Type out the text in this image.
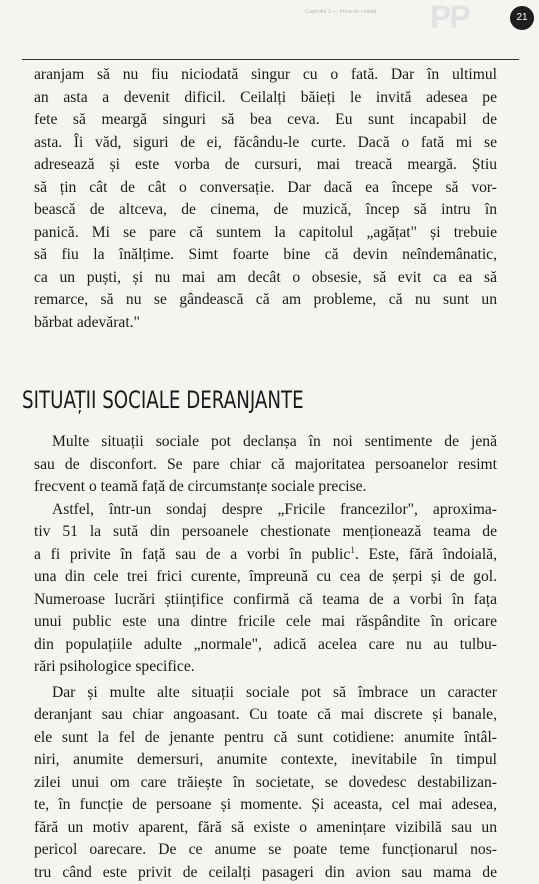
Capitolul 1 — Frica de ceilalți	PP	21

aranjam să nu fiu niciodată singur cu o fată. Dar în ultimul

an asta a devenit dificil. Ceilalți băieți le invită adesea pe

fete să meargă singuri să bea ceva. Eu sunt incapabil de

asta. Îi văd, siguri de ei, făcându-le curte. Dacă o fată mi se

adresează și este vorba de cursuri, mai treacă meargă. Știu

să țin cât de cât o conversație. Dar dacă ea începe să vor-

bească de altceva, de cinema, de muzică, încep să intru în

panică. Mi se pare că suntem la capitolul „agățat" și trebuie

să fiu la înălțime. Simt foarte bine că devin neîndemânatic,

ca un puști, și nu mai am decât o obsesie, să evit ca ea să

remarce, să nu se gândească că am probleme, că nu sunt un

bărbat adevărat."

SITUAȚII SOCIALE DERANJANTE

Multe situații sociale pot declanșa în noi sentimente de jenă

sau de disconfort. Se pare chiar că majoritatea persoanelor resimt

frecvent o teamă față de circumstanțe sociale precise.

Astfel, într-un sondaj despre „Fricile francezilor", aproxima-

tiv 51 la sută din persoanele chestionate menționează teama de

a fi privite în față sau de a vorbi în public$^1$. Este, fără îndoială,

una din cele trei frici curente, împreună cu cea de șerpi și de gol.

Numeroase lucrări științifice confirmă că teama de a vorbi în fața

unui public este una dintre fricile cele mai răspândite în oricare

din populațiile adulte „normale", adică acelea care nu au tulbu-

rări psihologice specifice.

Dar și multe alte situații sociale pot să îmbrace un caracter

deranjant sau chiar angoasant. Cu toate că mai discrete și banale,

ele sunt la fel de jenante pentru că sunt cotidiene: anumite întâl-

niri, anumite demersuri, anumite contexte, inevitabile în timpul

zilei unui om care trăiește în societate, se dovedesc destabilizan-

te, în funcție de persoane și momente. Și aceasta, cel mai adesea,

fără un motiv aparent, fără să existe o amenințare vizibilă sau un

pericol oarecare. De ce anume se poate teme funcționarul nos-

tru când este privit de ceilalți pasageri din avion sau mama de
